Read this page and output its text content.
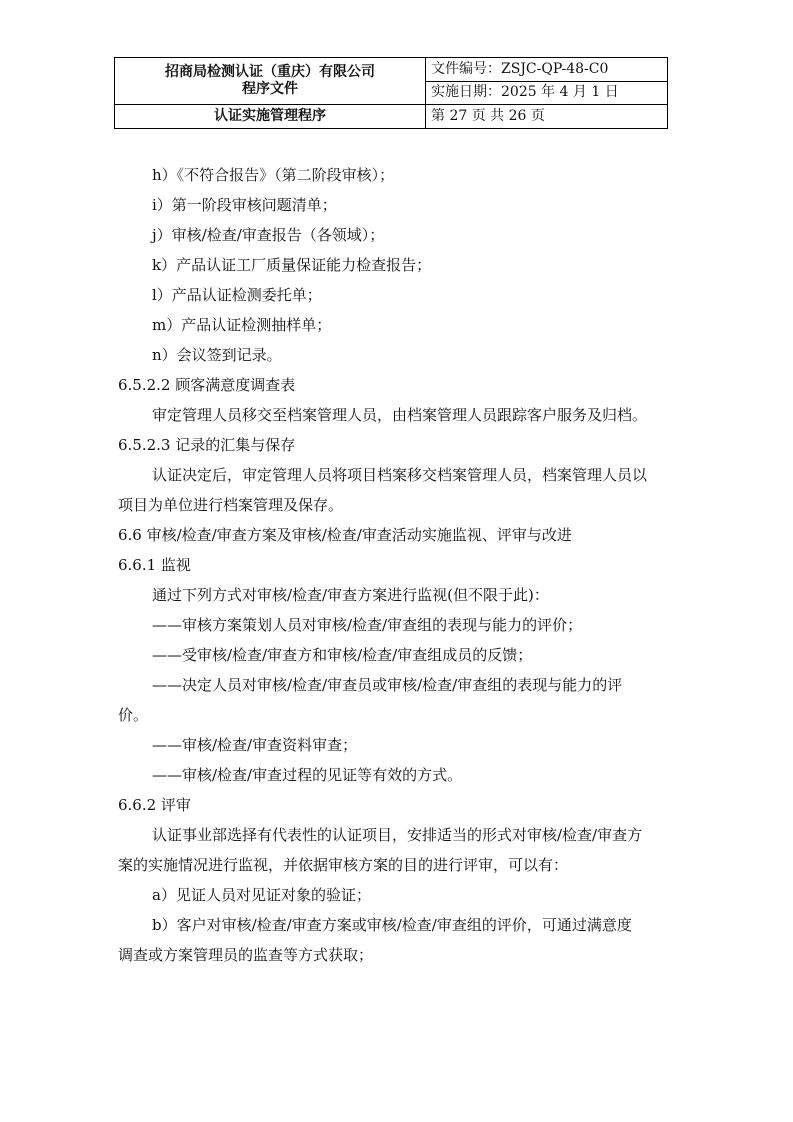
招商局检测认证（重庆）有限公司
程序文件	文件编号：ZSJC-QP-48-C0
	实施日期：2025 年 4 月 1 日
认证实施管理程序	第 27 页 共 26 页
h）《不符合报告》（第二阶段审核）；
i）第一阶段审核问题清单；
j）审核/检查/审查报告（各领域）；
k）产品认证工厂质量保证能力检查报告；
l）产品认证检测委托单；
m）产品认证检测抽样单；
n）会议签到记录。
6.5.2.2 顾客满意度调查表
审定管理人员移交至档案管理人员，由档案管理人员跟踪客户服务及归档。
6.5.2.3 记录的汇集与保存
认证决定后，审定管理人员将项目档案移交档案管理人员，档案管理人员以
项目为单位进行档案管理及保存。
6.6 审核/检查/审查方案及审核/检查/审查活动实施监视、评审与改进
6.6.1 监视
通过下列方式对审核/检查/审查方案进行监视(但不限于此)：
——审核方案策划人员对审核/检查/审查组的表现与能力的评价；
——受审核/检查/审查方和审核/检查/审查组成员的反馈；
——决定人员对审核/检查/审查员或审核/检查/审查组的表现与能力的评
价。
——审核/检查/审查资料审查；
——审核/检查/审查过程的见证等有效的方式。
6.6.2 评审
认证事业部选择有代表性的认证项目，安排适当的形式对审核/检查/审查方
案的实施情况进行监视，并依据审核方案的目的进行评审，可以有：
a）见证人员对见证对象的验证；
b）客户对审核/检查/审查方案或审核/检查/审查组的评价，可通过满意度
调查或方案管理员的监查等方式获取；
